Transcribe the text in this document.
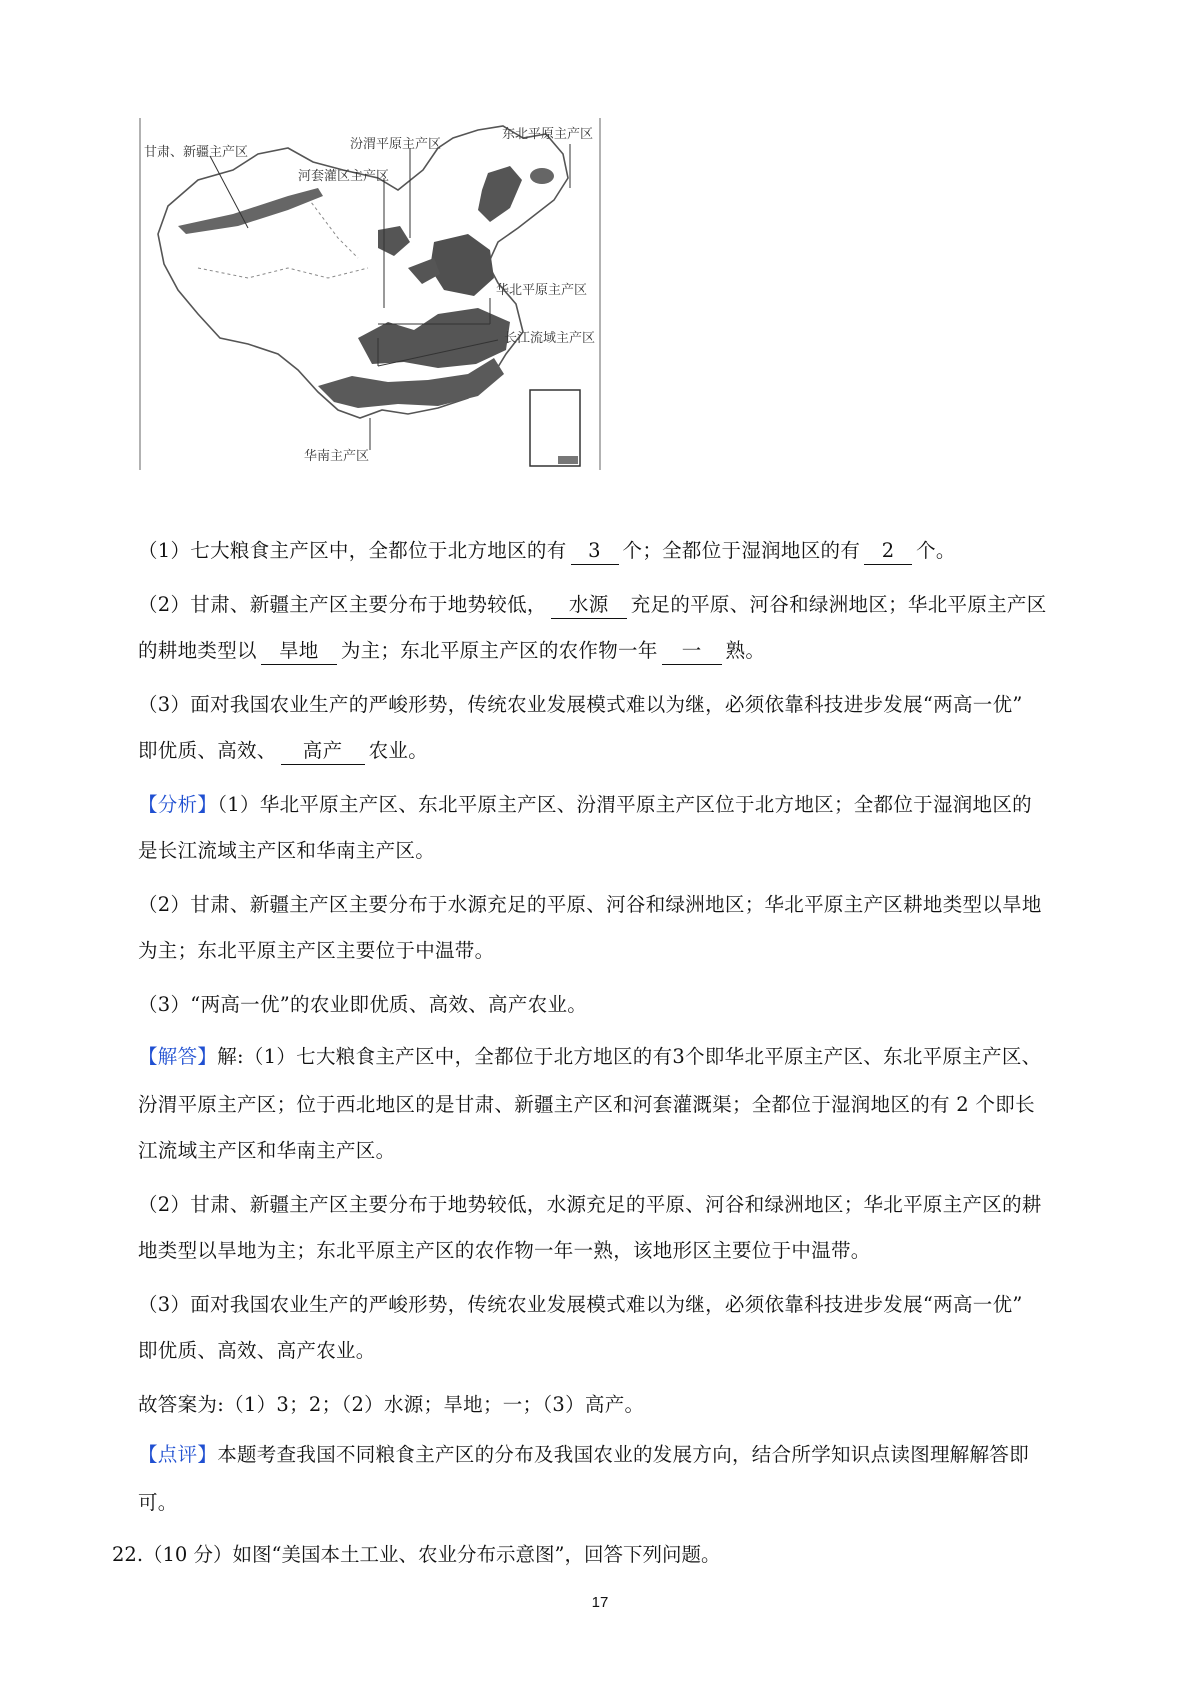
甘肃、新疆主产区
汾渭平原主产区
河套灌区主产区
东北平原主产区
华北平原主产区
长江流域主产区
华南主产区
（1）七大粮食主产区中，全都位于北方地区的有 3 个；全都位于湿润地区的有 2 个。
（2）甘肃、新疆主产区主要分布于地势较低， 水源 充足的平原、河谷和绿洲地区；华北平原主产区
的耕地类型以 旱地 为主；东北平原主产区的农作物一年 一 熟。
（3）面对我国农业生产的严峻形势，传统农业发展模式难以为继，必须依靠科技进步发展“两高一优”
即优质、高效、 高产 农业。
【分析】（1）华北平原主产区、东北平原主产区、汾渭平原主产区位于北方地区；全都位于湿润地区的
是长江流域主产区和华南主产区。
（2）甘肃、新疆主产区主要分布于水源充足的平原、河谷和绿洲地区；华北平原主产区耕地类型以旱地
为主；东北平原主产区主要位于中温带。
（3）“两高一优”的农业即优质、高效、高产农业。
【解答】解:（1）七大粮食主产区中，全都位于北方地区的有3个即华北平原主产区、东北平原主产区、
汾渭平原主产区；位于西北地区的是甘肃、新疆主产区和河套灌溉渠；全都位于湿润地区的有 2 个即长
江流域主产区和华南主产区。
（2）甘肃、新疆主产区主要分布于地势较低，水源充足的平原、河谷和绿洲地区；华北平原主产区的耕
地类型以旱地为主；东北平原主产区的农作物一年一熟，该地形区主要位于中温带。
（3）面对我国农业生产的严峻形势，传统农业发展模式难以为继，必须依靠科技进步发展“两高一优”
即优质、高效、高产农业。
故答案为:（1）3；2；（2）水源；旱地；一；（3）高产。
【点评】本题考查我国不同粮食主产区的分布及我国农业的发展方向，结合所学知识点读图理解解答即
可。
22.（10 分）如图“美国本土工业、农业分布示意图”，回答下列问题。
17
